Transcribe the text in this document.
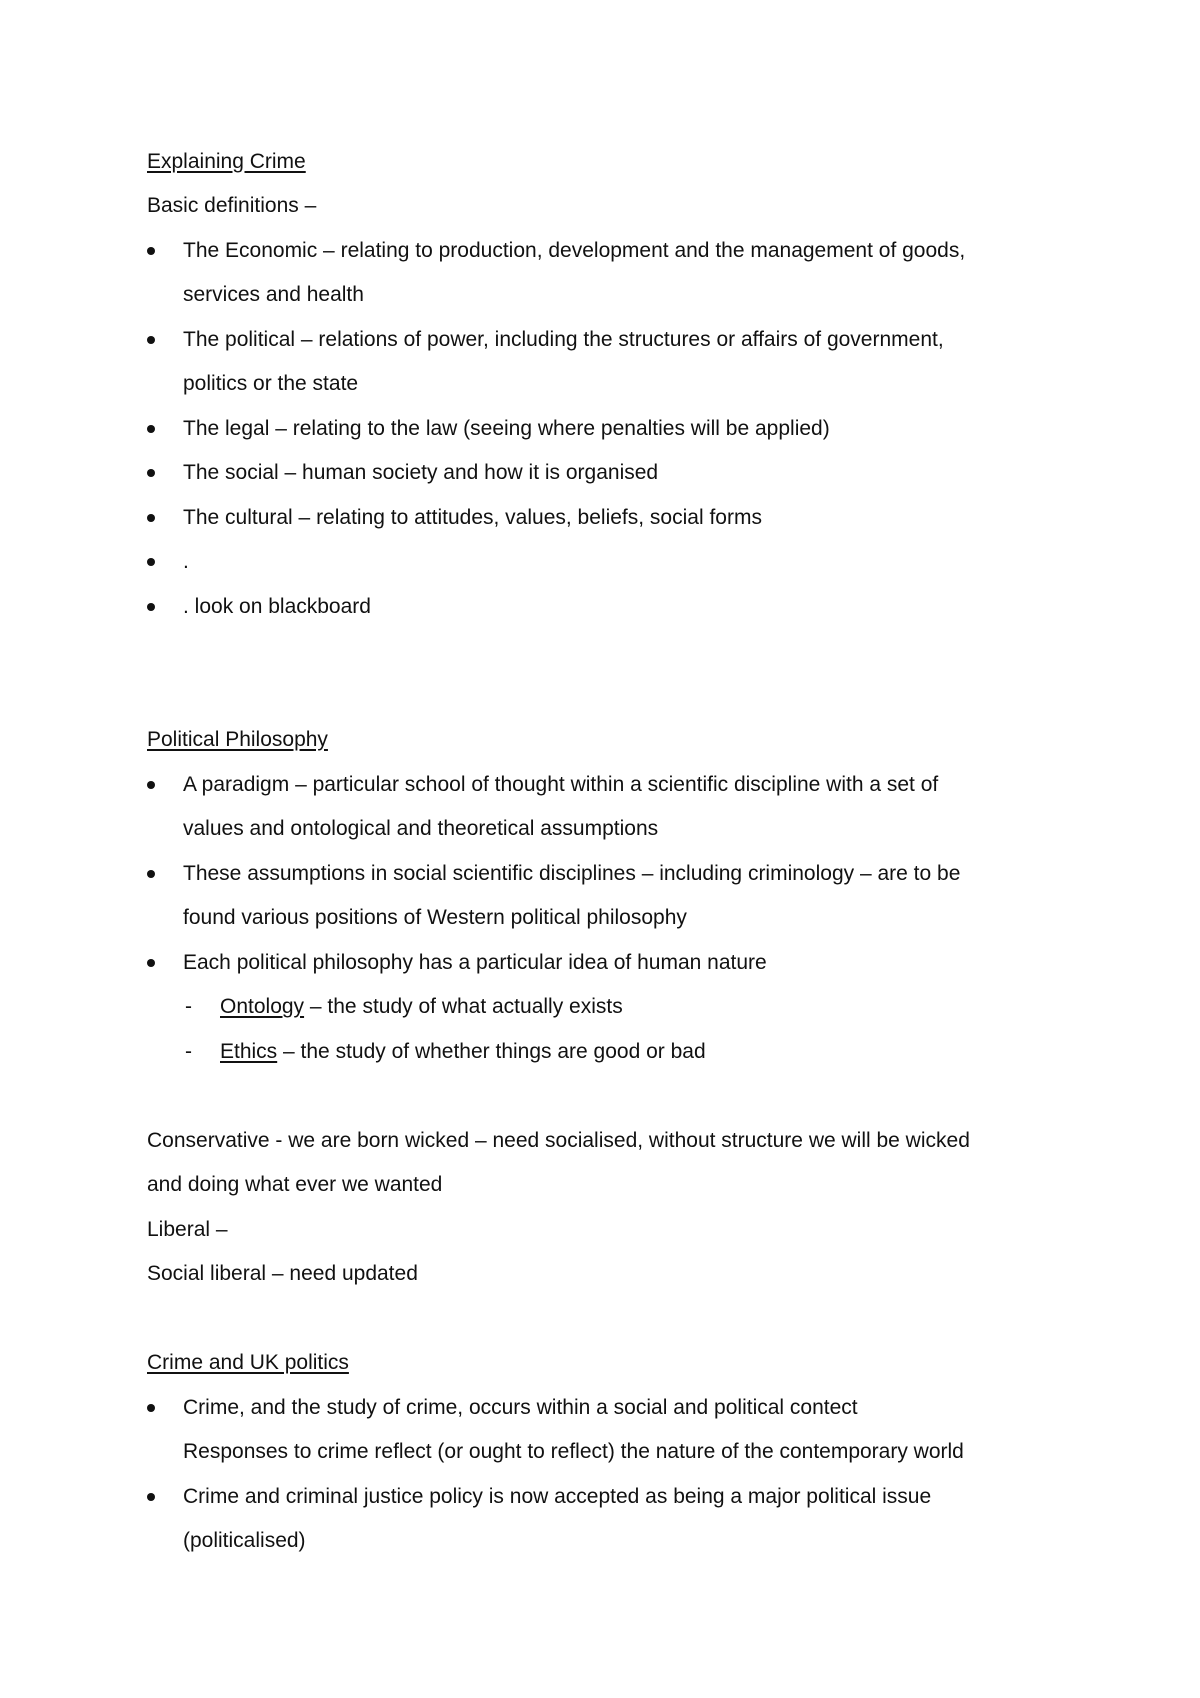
Explaining Crime
Basic definitions –
The Economic – relating to production, development and the management of goods,
services and health
The political – relations of power, including the structures or affairs of government,
politics or the state
The legal – relating to the law (seeing where penalties will be applied)
The social – human society and how it is organised
The cultural – relating to attitudes, values, beliefs, social forms
.
. look on blackboard
Political Philosophy
A paradigm – particular school of thought within a scientific discipline with a set of
values and ontological and theoretical assumptions
These assumptions in social scientific disciplines – including criminology – are to be
found various positions of Western political philosophy
Each political philosophy has a particular idea of human nature
- Ontology – the study of what actually exists
- Ethics – the study of whether things are good or bad
Conservative - we are born wicked – need socialised, without structure we will be wicked
and doing what ever we wanted
Liberal –
Social liberal – need updated
Crime and UK politics
Crime, and the study of crime, occurs within a social and political contect
Responses to crime reflect (or ought to reflect) the nature of the contemporary world
Crime and criminal justice policy is now accepted as being a major political issue
(politicalised)
